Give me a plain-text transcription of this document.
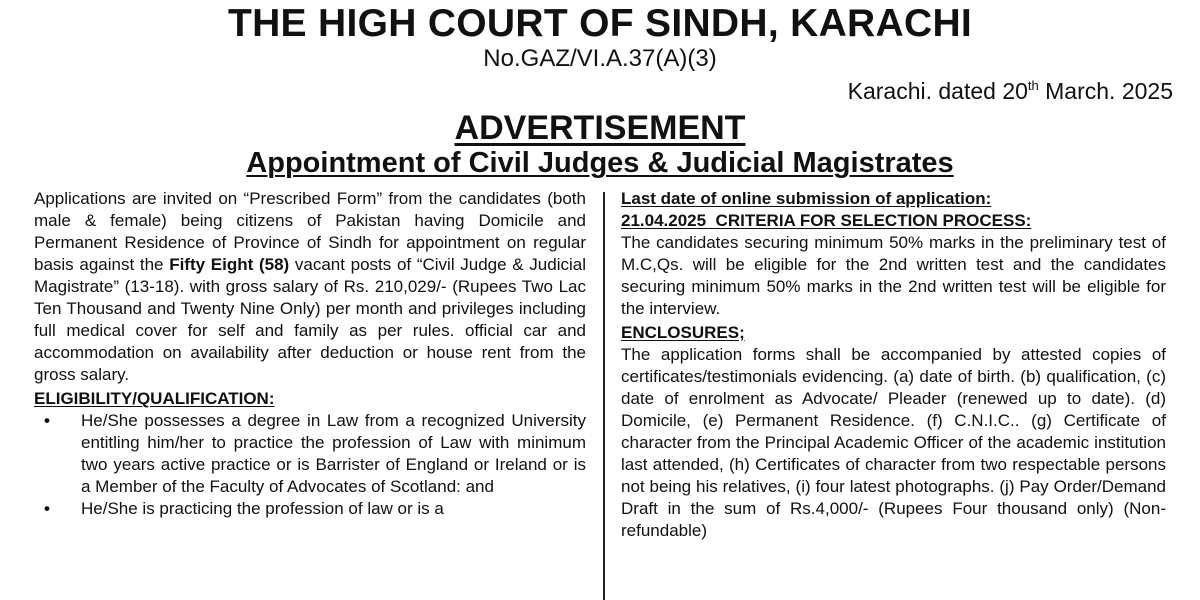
THE HIGH COURT OF SINDH, KARACHI
No.GAZ/VI.A.37(A)(3)
Karachi. dated 20th March. 2025
ADVERTISEMENT
Appointment of Civil Judges & Judicial Magistrates

Applications are invited on “Prescribed Form” from the candidates (both male & female) being citizens of Pakistan having Domicile and Permanent Residence of Province of Sindh for appointment on regular basis against the Fifty Eight (58) vacant posts of “Civil Judge & Judicial Magistrate” (13-18). with gross salary of Rs. 210,029/- (Rupees Two Lac Ten Thousand and Twenty Nine Only) per month and privileges including full medical cover for self and family as per rules. official car and accommodation on availability after deduction or house rent from the gross salary.

ELIGIBILITY/QUALIFICATION:

• He/She possesses a degree in Law from a recognized University entitling him/her to practice the profession of Law with minimum two years active practice or is Barrister of England or Ireland or is a Member of the Faculty of Advocates of Scotland: and
• He/She is practicing the profession of law or is a

Last date of online submission of application:

21.04.2025 CRITERIA FOR SELECTION PROCESS:

The candidates securing minimum 50% marks in the preliminary test of M.C,Qs. will be eligible for the 2nd written test and the candidates securing minimum 50% marks in the 2nd written test will be eligible for the interview.

ENCLOSURES;

The application forms shall be accompanied by attested copies of certificates/testimonials evidencing. (a) date of birth. (b) qualification, (c) date of enrolment as Advocate/ Pleader (renewed up to date). (d) Domicile, (e) Permanent Residence. (f) C.N.I.C.. (g) Certificate of character from the Principal Academic Officer of the academic institution last attended, (h) Certificates of character from two respectable persons not being his relatives, (i) four latest photographs. (j) Pay Order/Demand Draft in the sum of Rs.4,000/- (Rupees Four thousand only) (Non-refundable)
